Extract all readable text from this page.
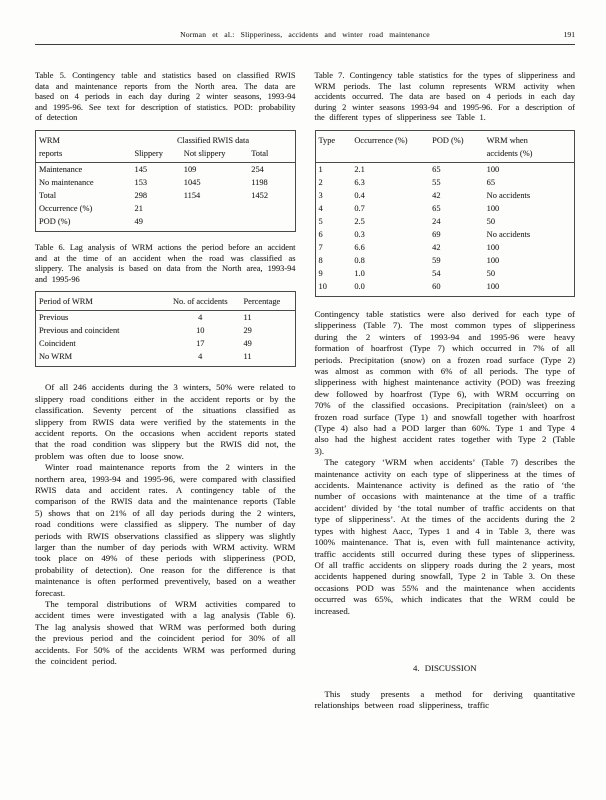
Norman et al.: Slipperiness, accidents and winter road maintenance	191

Table 5. Contingency table and statistics based on classified RWIS data and maintenance reports from the North area. The data are based on 4 periods in each day during 2 winter seasons, 1993-94 and 1995-96. See text for description of statistics. POD: probability of detection

WRM	Classified RWIS data		
reports	Slippery	Not slippery	Total
Maintenance	145	109	254
No maintenance	153	1045	1198
Total	298	1154	1452
Occurrence (%)	21		
POD (%)	49		

Table 6. Lag analysis of WRM actions the period before an accident and at the time of an accident when the road was classified as slippery. The analysis is based on data from the North area, 1993-94 and 1995-96

Period of WRM	No. of accidents	Percentage
Previous	4	11
Previous and coincident	10	29
Coincident	17	49
No WRM	4	11

Of all 246 accidents during the 3 winters, 50% were related to slippery road conditions either in the accident reports or by the classification. Seventy percent of the situations classified as slippery from RWIS data were verified by the statements in the accident reports. On the occasions when accident reports stated that the road condition was slippery but the RWIS did not, the problem was often due to loose snow.

Winter road maintenance reports from the 2 winters in the northern area, 1993-94 and 1995-96, were compared with classified RWIS data and accident rates. A contingency table of the comparison of the RWIS data and the maintenance reports (Table 5) shows that on 21% of all day periods during the 2 winters, road conditions were classified as slippery. The number of day periods with RWIS observations classified as slippery was slightly larger than the number of day periods with WRM activity. WRM took place on 49% of these periods with slipperiness (POD, probability of detection). One reason for the difference is that maintenance is often performed preventively, based on a weather forecast.

The temporal distributions of WRM activities compared to accident times were investigated with a lag analysis (Table 6). The lag analysis showed that WRM was performed both during the previous period and the coincident period for 30% of all accidents. For 50% of the accidents WRM was performed during the coincident period.

Table 7. Contingency table statistics for the types of slipperiness and WRM periods. The last column represents WRM activity when accidents occurred. The data are based on 4 periods in each day during 2 winter seasons 1993-94 and 1995-96. For a description of the different types of slipperiness see Table 1.

Type	Occurrence (%)	POD (%)	WRM when
			accidents (%)
1	2.1	65	100
2	6.3	55	65
3	0.4	42	No accidents
4	0.7	65	100
5	2.5	24	50
6	0.3	69	No accidents
7	6.6	42	100
8	0.8	59	100
9	1.0	54	50
10	0.0	60	100

Contingency table statistics were also derived for each type of slipperiness (Table 7). The most common types of slipperiness during the 2 winters of 1993-94 and 1995-96 were heavy formation of hoarfrost (Type 7) which occurred in 7% of all periods. Precipitation (snow) on a frozen road surface (Type 2) was almost as common with 6% of all periods. The type of slipperiness with highest maintenance activity (POD) was freezing dew followed by hoarfrost (Type 6), with WRM occurring on 70% of the classified occasions. Precipitation (rain/sleet) on a frozen road surface (Type 1) and snowfall together with hoarfrost (Type 4) also had a POD larger than 60%. Type 1 and Type 4 also had the highest accident rates together with Type 2 (Table 3).

The category ‘WRM when accidents’ (Table 7) describes the maintenance activity on each type of slipperiness at the times of accidents. Maintenance activity is defined as the ratio of ‘the number of occasions with maintenance at the time of a traffic accident’ divided by ‘the total number of traffic accidents on that type of slipperiness’. At the times of the accidents during the 2 types with highest Aacc, Types 1 and 4 in Table 3, there was 100% maintenance. That is, even with full maintenance activity, traffic accidents still occurred during these types of slipperiness. Of all traffic accidents on slippery roads during the 2 years, most accidents happened during snowfall, Type 2 in Table 3. On these occasions POD was 55% and the maintenance when accidents occurred was 65%, which indicates that the WRM could be increased.

4. DISCUSSION

This study presents a method for deriving quantitative relationships between road slipperiness, traffic
